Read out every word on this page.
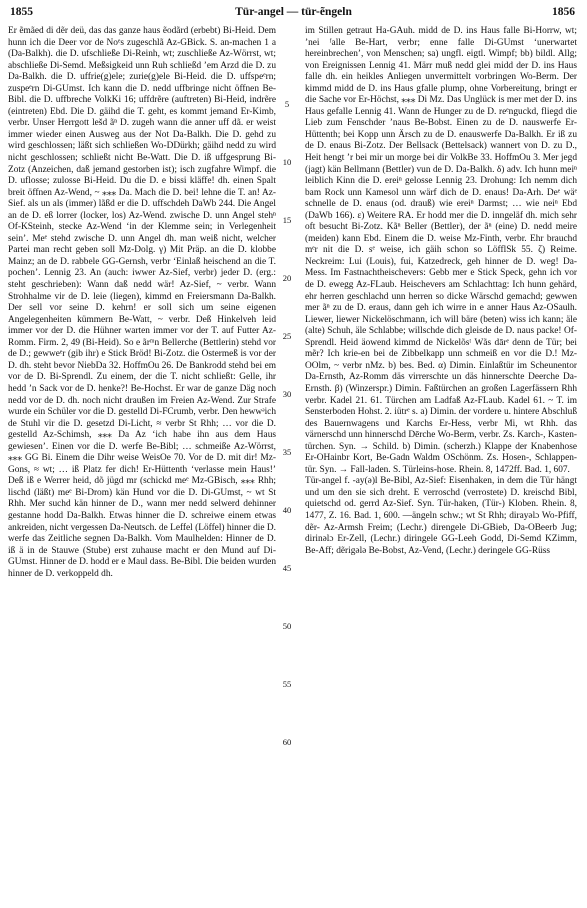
1855	Tür-angel — tür-ẽngeln	1856

Er ẽmãed di dẽr deü, das das ganze haus ẽodãrd (erbebt) Bi-Heid. Dem hunn ich die Deer vor de Noᵉs zugeschlã Az-GBick. S. an-machen 1 a (Da-Balkh). die D. ufschließe Di-Reinh, wt; zuschließe Az-Wörrst, wt; abschließe Di-Semd. Meßsigkeid unn Ruh schließd ʼem Arzd die D. zu Da-Balkh. die D. uffrie(g)ele; zurie(g)ele Bi-Heid. die D. uffspeᵉrn; zuspeᵉrn Di-GUmst. Ich kann die D. nedd uffbringe nicht öffnen Be-Bibl. die D. uffbreche VolkKi 16; uffdrẽre (auftreten) Bi-Heid, indrẽre (eintreten) Ebd. Die D. gäihd die T. geht, es kommt jemand Er-Kimb, verbr. Unser Herrgott lešd ãⁿ D. zugeh wann die anner uff dã. er weist immer wieder einen Ausweg aus der Not Da-Balkh. Die D. gehd zu wird geschlossen; läßt sich schließen Wo-DDürkh; gäihd nedd zu wird nicht geschlossen; schließt nicht Be-Watt. Die D. iß uffgesprung Bi-Zotz (Anzeichen, daß jemand gestorben ist); isch zugfahre Wimpf. die D. uflosse; zulosse Bi-Heid. Du die D. e bissi kläffe! dh. einen Spalt breit öffnen Az-Wend, ~ ⁎⁎⁎ Da. Mach die D. bei! lehne die T. an! Az-Sief. als un als (immer) lãßd er die D. uffschdeh DaWb 244. Die Angel an de D. eß lorrer (locker, los) Az-Wend. zwische D. unn Angel stehⁿ Of-KSteinh, stecke Az-Wend ‘in der Klemme sein; in Verlegenheit sein’. Meᵉ stehd zwische D. unn Angel dh. man weiß nicht, welcher Partei man recht geben soll Mz-Dolg. γ) Mit Präp. an die D. klobbe Mainz; an de D. rabbele GG-Gernsh, verbr ‘Einlaß heischend an die T. pochen’. Lennig 23. An (auch: iwwer Az-Sief, verbr) jeder D. (erg.: steht geschrieben): Wann daß nedd wär! Az-Sief, ~ verbr. Wann Strohhalme vir de D. leie (liegen), kimmd en Freiersmann Da-Balkh. Der sell vor seine D. kehrn! er soll sich um seine eigenen Angelegenheiten kümmern Be-Watt, ~ verbr. Deß Hinkelveh leid immer vor der D. die Hühner warten immer vor der T. auf Futter Az-Romm. Firm. 2, 49 (Bi-Heid). So e ãrᵐn Bellerche (Bettlerin) stehd vor de D.; gewweᵉr (gib ihr) e Stick Bröd! Bi-Zotz. die Ostermeß is vor der D. dh. steht bevor NiebDa 32. HoffmOu 26. De Bankrodd stehd bei em vor de D. Bi-Sprendl. Zu einem, der die T. nicht schließt: Gelle, ihr hedd ʼn Sack vor de D. henke?! Be-Hochst. Er war de ganze Däg noch nedd vor de D. dh. noch nicht draußen im Freien Az-Wend. Zur Strafe wurde ein Schüler vor die D. gestelld Di-FCrumb, verbr. Den hewwᵊich de Stuhl vir die D. gesetzd Di-Licht, ≈ verbr St Rhh; … vor die D. gestelld Az-Schimsh, ⁎⁎⁎ Da Az ‘ich habe ihn aus dem Haus gewiesen’. Einen vor die D. werfe Be-Bibl; … schmeiße Az-Wörrst, ⁎⁎⁎ GG Bi. Einem die Dihr weise WeisOe 70. Vor de D. mit dir! Mz-Gons, ≈ wt; … iß Platz fer dich! Er-Hüttenth ‘verlasse mein Haus!’ Deß iß e Werrer heid, dõ jügd mr (schickd meᵉ Mz-GBisch, ⁎⁎⁎ Rhh; lischd (läßt) meᵉ Bi-Drom) kän Hund vor die D. Di-GUmst, ~ wt St Rhh. Mer suchd kän hinner de D., wann mer nedd selwerd dehinner gestanne hodd Da-Balkh. Etwas hinner die D. schreiwe einem etwas ankreiden, nicht vergessen Da-Neutsch. de Leffel (Löffel) hinner die D. werfe das Zeitliche segnen Da-Balkh. Vom Maulhelden: Hinner de D. iß ä in de Stauwe (Stube) erst zuhause macht er den Mund auf Di-GUmst. Hinner de D. hodd er e Maul dass. Be-Bibl. Die beiden wurden hinner de D. verkoppeld dh.

5
10
15
20
25
30
35
40
45
50
55
60

im Stillen getraut Ha-GAuh. midd de D. ins Haus falle Bi-Horrw, wt; ʼnei ᶠalle Be-Hart, verbr; enne falle Di-GUmst ‘unerwartet hereinbrechen’, von Menschen; sa) ungfl. eigtl. Wimpf; bb) bildl. Allg; von Ereignissen Lennig 41. Märr muß nedd glei midd der D. ins Haus falle dh. ein heikles Anliegen unvermittelt vorbringen Wo-Berm. Der kimmd midd de D. ins Haus gfalle plump, ohne Vorbereitung, bringt er die Sache vor Er-Höchst, ⁎⁎⁎ Di Mz. Das Unglück is mer met der D. ins Haus gefalle Lennig 41. Wann de Hunger zu de D. reᵉnguckd, fliegd die Lieb zum Fenschder ʼnaus Be-Bobst. Einen zu de D. nauswerfe Er-Hüttenth; bei Kopp unn Ärsch zu de D. enauswerfe Da-Balkh. Er iß zu de D. enaus Bi-Zotz. Der Bellsack (Bettelsack) wannert von D. zu D., Heit hengt ʼr bei mir un morge bei dir VolkBe 33. HoffmOu 3. Mer jegd (jagt) kän Bellmann (Bettler) vun de D. Da-Balkh. δ) adv. Ich hunn meiⁿ leiblich Kinn die D. ereiⁿ gelosse Lennig 23. Drohung: Ich nemm dich bam Rock unn Kamesol unn wärf dich de D. enaus! Da-Arh. Deᵉ wäᵉ schnelle de D. enaus (od. drauß) wie ereiⁿ Darmst; … wie neiⁿ Ebd (DaWb 166). ε) Weitere RA. Er hodd mer die D. inngeläf dh. mich sehr oft besucht Bi-Zotz. Kãⁿ Beller (Bettler), der ãⁿ (eine) D. nedd meire (meiden) kann Ebd. Einem die D. weise Mz-Finth, verbr. Ehr brauchd mᵉr nit die D. sᵉ weise, ich gäih schon so LöfflSk 55. ζ) Reime. Neckreim: Lui (Louis), fui, Katzedreck, geh hinner de D. weg! Da-Mess. Im Fastnachtheischevers: Gebb mer e Stick Speck, gehn ich vor de D. ewegg Az-FLaub. Heischevers am Schlachttag: Ich hunn gehärd, ehr herren geschlachd unn herren so dicke Wärschd gemachd; gewwen mer ãⁿ zu de D. eraus, dann geh ich wirre in e anner Haus Az-OSaulh. Liewer, liewer Nickelöschmann, ich will bäre (beten) wiss ich kann; äle (alte) Schuh, äle Schlabbe; willschde dich gleisde de D. naus packe! Of-Sprendl. Heid äowend kimmd de Nickelõsᵗ Wãs dārᵉ denn de Tür; bei mẽr? Ich krie-en bei de Zibbelkapp unn schmeiß en vor die D.! Mz-OOlm, ~ verbr nMz. b) bes. Bed. α) Dimin. Einlaßtür im Scheunentor Da-Ernsth, Az-Romm däs virrerschte un däs hinnerschte Deerche Da-Ernsth. β) (Winzerspr.) Dimin. Faßtürchen an großen Lagerfässern Rhh verbr. Kadel 21. 61. Türchen am Ladfaß Az-FLaub. Kadel 61. ~ T. im Sensterboden Hohst. 2. iütrᵉ s. a) Dimin. der vordere u. hintere Abschluß des Bauernwagens und Karchs Er-Hess, verbr Mi, wt Rhh. das värnerschd unn hinnerschd Dērche Wo-Berm, verbr. Zs. Karch-, Kasten-türchen. Syn. → Schild. b) Dimin. (scherzh.) Klappe der Knabenhose Er-OHainbr Kort, Be-Gadn Waldm OSchönm. Zs. Hosen-, Schlappen-tür. Syn. → Fall-laden. S. Türleins-hose. Rhein. 8, 1472ff. Bad. 1, 607.

Tür-angel f. -ay(ə)l Be-Bibl, Az-Sief: Eisenhaken, in dem die Tür hängt und um den sie sich dreht. E verroschd (verrostete) D. kreischd Bibl, quietschd od. gerrd Az-Sief. Syn. Tür-haken, (Tür-) Kloben. Rhein. 8, 1477, Z. 16. Bad. 1, 600. —ängeln schw.; wt St Rhh; dirayəlɔ Wo-Pfiff, dẽr- Az-Armsh Freim; (Lechr.) direngele Di-GBieb, Da-OBeerb Jug; dirinəlɔ Er-Zell, (Lechr.) diringele GG-Leeh Godd, Di-Semd KZimm, Be-Aff; dẽrigələ Be-Bobst, Az-Vend, (Lechr.) deringele GG-Rüss
